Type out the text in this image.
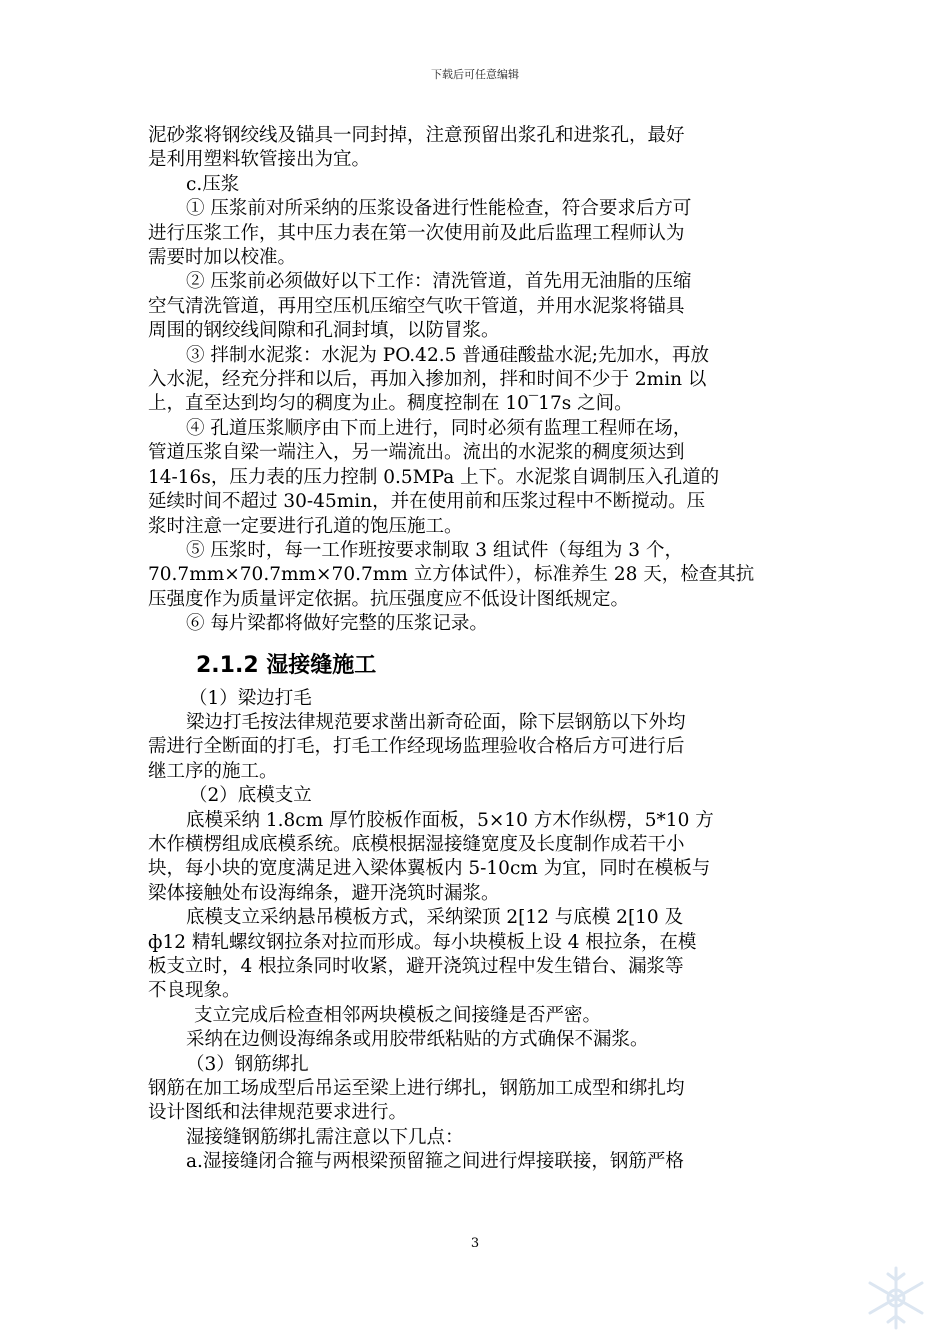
下载后可任意编辑

泥砂浆将钢绞线及锚具一同封掉，注意预留出浆孔和进浆孔，最好

是利用塑料软管接出为宜。

c.压浆

① 压浆前对所采纳的压浆设备进行性能检查，符合要求后方可

进行压浆工作，其中压力表在第一次使用前及此后监理工程师认为

需要时加以校准。

② 压浆前必须做好以下工作：清洗管道，首先用无油脂的压缩

空气清洗管道，再用空压机压缩空气吹干管道，并用水泥浆将锚具

周围的钢绞线间隙和孔洞封填，以防冒浆。

③ 拌制水泥浆：水泥为 PO.42.5 普通硅酸盐水泥;先加水，再放

入水泥，经充分拌和以后，再加入掺加剂，拌和时间不少于 2min 以

上，直至达到均匀的稠度为止。稠度控制在 10‾17s 之间。

④ 孔道压浆顺序由下而上进行，同时必须有监理工程师在场，

管道压浆自梁一端注入，另一端流出。流出的水泥浆的稠度须达到

14-16s，压力表的压力控制 0.5MPa 上下。水泥浆自调制压入孔道的

延续时间不超过 30-45min，并在使用前和压浆过程中不断搅动。压

浆时注意一定要进行孔道的饱压施工。

⑤ 压浆时，每一工作班按要求制取 3 组试件（每组为 3 个，

70.7mm×70.7mm×70.7mm 立方体试件），标准养生 28 天，检查其抗

压强度作为质量评定依据。抗压强度应不低设计图纸规定。

⑥ 每片梁都将做好完整的压浆记录。

2.1.2 湿接缝施工

（1）梁边打毛

梁边打毛按法律规范要求凿出新奇砼面，除下层钢筋以下外均

需进行全断面的打毛，打毛工作经现场监理验收合格后方可进行后

继工序的施工。

（2）底模支立

底模采纳 1.8cm 厚竹胶板作面板，5×10 方木作纵楞，5*10 方

木作横楞组成底模系统。底模根据湿接缝宽度及长度制作成若干小

块，每小块的宽度满足进入梁体翼板内 5-10cm 为宜，同时在模板与

梁体接触处布设海绵条，避开浇筑时漏浆。

底模支立采纳悬吊模板方式，采纳梁顶 2[12 与底模 2[10 及

ф12 精轧螺纹钢拉条对拉而形成。每小块模板上设 4 根拉条，在模

板支立时，4 根拉条同时收紧，避开浇筑过程中发生错台、漏浆等

不良现象。

支立完成后检查相邻两块模板之间接缝是否严密。

采纳在边侧设海绵条或用胶带纸粘贴的方式确保不漏浆。

（3）钢筋绑扎

钢筋在加工场成型后吊运至梁上进行绑扎，钢筋加工成型和绑扎均

设计图纸和法律规范要求进行。

湿接缝钢筋绑扎需注意以下几点：

a.湿接缝闭合箍与两根梁预留箍之间进行焊接联接，钢筋严格

3
